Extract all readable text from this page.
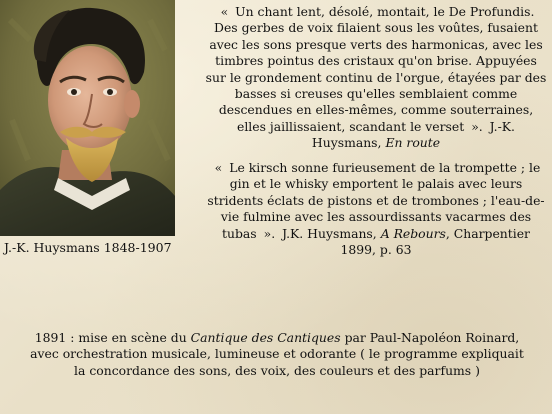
J.-K. Huysmans 1848-1907
« Un chant lent, désolé, montait, le De Profundis. Des gerbes de voix filaient sous les voûtes, fusaient avec les sons presque verts des harmonicas, avec les timbres pointus des cristaux qu'on brise. Appuyées sur le grondement continu de l'orgue, étayées par des basses si creuses qu'elles semblaient comme descendues en elles-mêmes, comme souterraines, elles jaillissaient, scandant le verset ». J.-K. Huysmans, En route
« Le kirsch sonne furieusement de la trompette ; le gin et le whisky emportent le palais avec leurs stridents éclats de pistons et de trombones ; l'eau-de-vie fulmine avec les assourdissants vacarmes des tubas ». J.K. Huysmans, A Rebours, Charpentier 1899, p. 63
1891 : mise en scène du Cantique des Cantiques par Paul-Napoléon Roinard, avec orchestration musicale, lumineuse et odorante ( le programme expliquait la concordance des sons, des voix, des couleurs et des parfums )
